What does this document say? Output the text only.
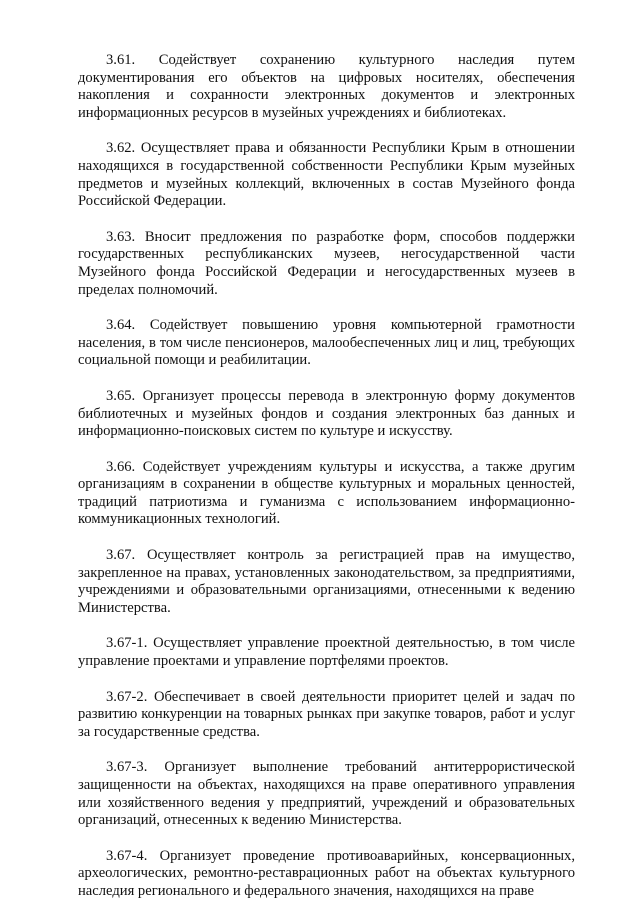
3.61. Содействует сохранению культурного наследия путем документирования его объектов на цифровых носителях, обеспечения накопления и сохранности электронных документов и электронных информационных ресурсов в музейных учреждениях и библиотеках.

3.62. Осуществляет права и обязанности Республики Крым в отношении находящихся в государственной собственности Республики Крым музейных предметов и музейных коллекций, включенных в состав Музейного фонда Российской Федерации.

3.63. Вносит предложения по разработке форм, способов поддержки государственных республиканских музеев, негосударственной части Музейного фонда Российской Федерации и негосударственных музеев в пределах полномочий.

3.64. Содействует повышению уровня компьютерной грамотности населения, в том числе пенсионеров, малообеспеченных лиц и лиц, требующих социальной помощи и реабилитации.

3.65. Организует процессы перевода в электронную форму документов библиотечных и музейных фондов и создания электронных баз данных и информационно-поисковых систем по культуре и искусству.

3.66. Содействует учреждениям культуры и искусства, а также другим организациям в сохранении в обществе культурных и моральных ценностей, традиций патриотизма и гуманизма с использованием информационно-коммуникационных технологий.

3.67. Осуществляет контроль за регистрацией прав на имущество, закрепленное на правах, установленных законодательством, за предприятиями, учреждениями и образовательными организациями, отнесенными к ведению Министерства.

3.67-1. Осуществляет управление проектной деятельностью, в том числе управление проектами и управление портфелями проектов.

3.67-2. Обеспечивает в своей деятельности приоритет целей и задач по развитию конкуренции на товарных рынках при закупке товаров, работ и услуг за государственные средства.

3.67-3. Организует выполнение требований антитеррористической защищенности на объектах, находящихся на праве оперативного управления или хозяйственного ведения у предприятий, учреждений и образовательных организаций, отнесенных к ведению Министерства.

3.67-4. Организует проведение противоаварийных, консервационных, археологических, ремонтно-реставрационных работ на объектах культурного наследия регионального и федерального значения, находящихся на праве
